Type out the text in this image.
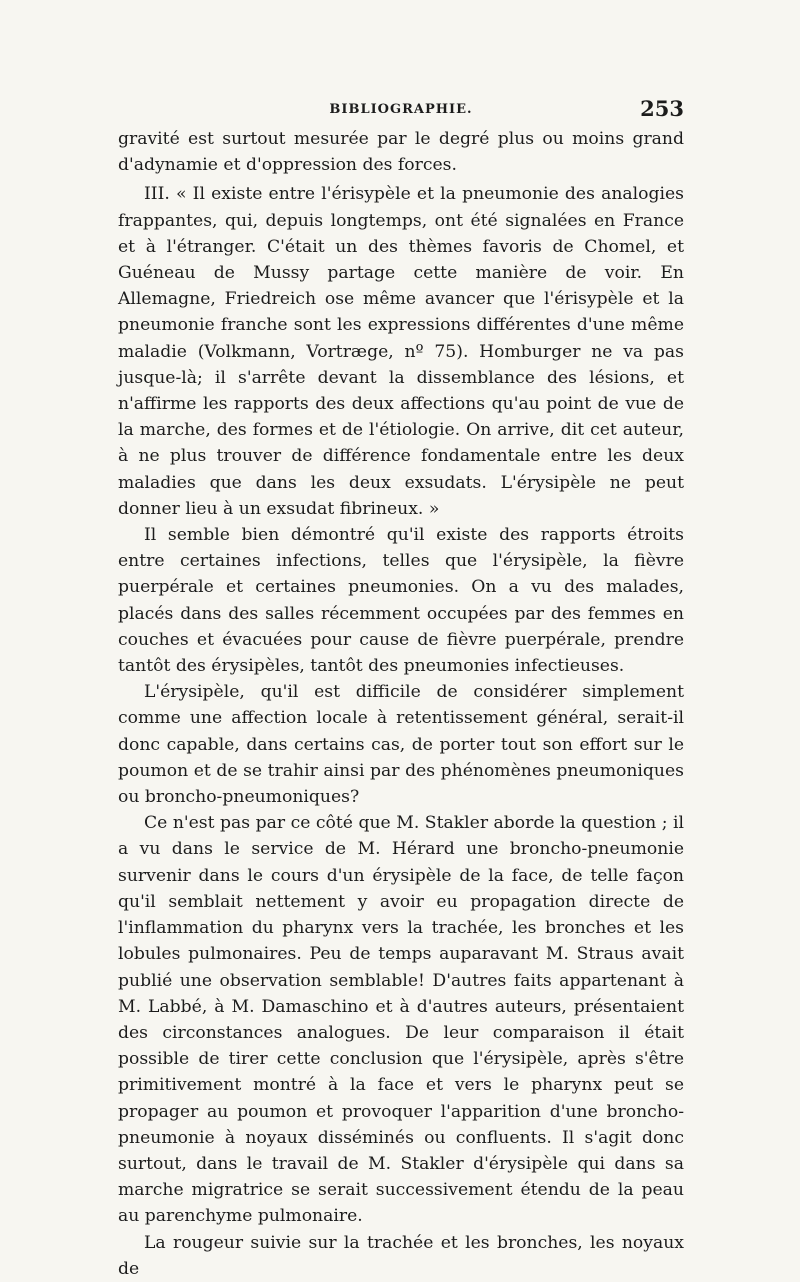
BIBLIOGRAPHIE.	253

gravité est surtout mesurée par le degré plus ou moins grand d'adynamie et d'oppression des forces.

III. « Il existe entre l'érisypèle et la pneumonie des analogies frappantes, qui, depuis longtemps, ont été signalées en France et à l'étranger. C'était un des thèmes favoris de Chomel, et Guéneau de Mussy partage cette manière de voir. En Allemagne, Friedreich ose même avancer que l'érisypèle et la pneumonie franche sont les expressions différentes d'une même maladie (Volkmann, Vortræge, nº 75). Homburger ne va pas jusque-là; il s'arrête devant la dissemblance des lésions, et n'affirme les rapports des deux affections qu'au point de vue de la marche, des formes et de l'étiologie. On arrive, dit cet auteur, à ne plus trouver de différence fondamentale entre les deux maladies que dans les deux exsudats. L'érysipèle ne peut donner lieu à un exsudat fibrineux. »

Il semble bien démontré qu'il existe des rapports étroits entre certaines infections, telles que l'érysipèle, la fièvre puerpérale et certaines pneumonies. On a vu des malades, placés dans des salles récemment occupées par des femmes en couches et évacuées pour cause de fièvre puerpérale, prendre tantôt des érysipèles, tantôt des pneumonies infectieuses.

L'érysipèle, qu'il est difficile de considérer simplement comme une affection locale à retentissement général, serait-il donc capable, dans certains cas, de porter tout son effort sur le poumon et de se trahir ainsi par des phénomènes pneumoniques ou broncho-pneumoniques?

Ce n'est pas par ce côté que M. Stakler aborde la question ; il a vu dans le service de M. Hérard une broncho-pneumonie survenir dans le cours d'un érysipèle de la face, de telle façon qu'il semblait nettement y avoir eu propagation directe de l'inflammation du pharynx vers la trachée, les bronches et les lobules pulmonaires. Peu de temps auparavant M. Straus avait publié une observation semblable! D'autres faits appartenant à M. Labbé, à M. Damaschino et à d'autres auteurs, présentaient des circonstances analogues. De leur comparaison il était possible de tirer cette conclusion que l'érysipèle, après s'être primitivement montré à la face et vers le pharynx peut se propager au poumon et provoquer l'apparition d'une broncho-pneumonie à noyaux disséminés ou confluents. Il s'agit donc surtout, dans le travail de M. Stakler d'érysipèle qui dans sa marche migratrice se serait successivement étendu de la peau au parenchyme pulmonaire.

La rougeur suivie sur la trachée et les bronches, les noyaux de
